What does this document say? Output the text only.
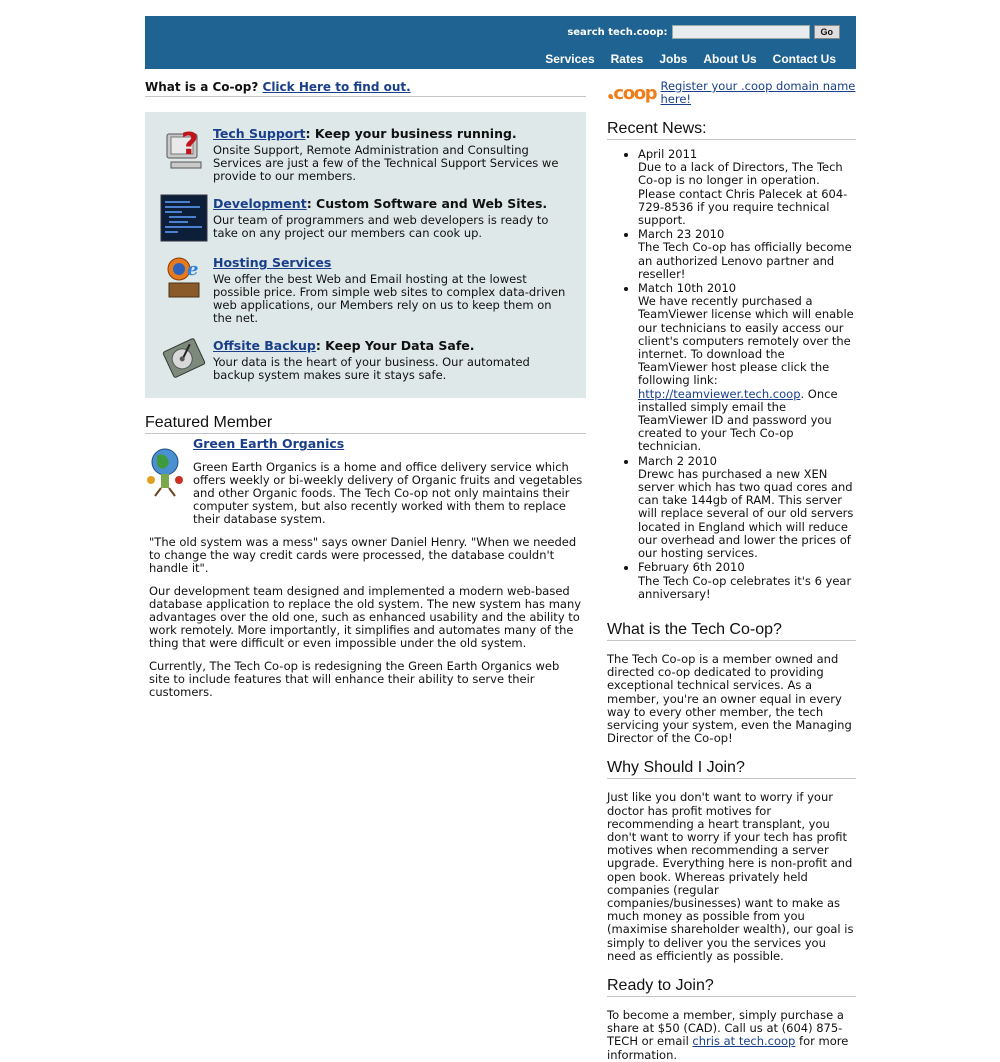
search tech.coop:	Go
Services Rates Jobs About Us Contact Us
What is a Co-op? Click Here to find out.
? Tech Support: Keep your business running.
Onsite Support, Remote Administration and Consulting Services are just a few of the Technical Support Services we provide to our members.
Development: Custom Software and Web Sites.
Our team of programmers and web developers is ready to take on any project our members can cook up.
e Hosting Services
We offer the best Web and Email hosting at the lowest possible price. From simple web sites to complex data-driven web applications, our Members rely on us to keep them on the net.
Offsite Backup: Keep Your Data Safe.
Your data is the heart of your business. Our automated backup system makes sure it stays safe.
Featured Member
Green Earth Organics
Green Earth Organics is a home and office delivery service which offers weekly or bi-weekly delivery of Organic fruits and vegetables and other Organic foods. The Tech Co-op not only maintains their computer system, but also recently worked with them to replace their database system.
"The old system was a mess" says owner Daniel Henry. "When we needed to change the way credit cards were processed, the database couldn't handle it".
Our development team designed and implemented a modern web-based database application to replace the old system. The new system has many advantages over the old one, such as enhanced usability and the ability to work remotely. More importantly, it simplifies and automates many of the thing that were difficult or even impossible under the old system.
Currently, The Tech Co-op is redesigning the Green Earth Organics web site to include features that will enhance their ability to serve their customers.
.coop Register your .coop domain name here!
Recent News:
• April 2011
Due to a lack of Directors, The Tech Co-op is no longer in operation. Please contact Chris Palecek at 604-729-8536 if you require technical support.
• March 23 2010
The Tech Co-op has officially become an authorized Lenovo partner and reseller!
• Match 10th 2010
We have recently purchased a TeamViewer license which will enable our technicians to easily access our client's computers remotely over the internet. To download the TeamViewer host please click the following link: http://teamviewer.tech.coop. Once installed simply email the TeamViewer ID and password you created to your Tech Co-op technician.
• March 2 2010
Drewc has purchased a new XEN server which has two quad cores and can take 144gb of RAM. This server will replace several of our old servers located in England which will reduce our overhead and lower the prices of our hosting services.
• February 6th 2010
The Tech Co-op celebrates it's 6 year anniversary!
What is the Tech Co-op?
The Tech Co-op is a member owned and directed co-op dedicated to providing exceptional technical services. As a member, you're an owner equal in every way to every other member, the tech servicing your system, even the Managing Director of the Co-op!
Why Should I Join?
Just like you don't want to worry if your doctor has profit motives for recommending a heart transplant, you don't want to worry if your tech has profit motives when recommending a server upgrade. Everything here is non-profit and open book. Whereas privately held companies (regular companies/businesses) want to make as much money as possible from you (maximise shareholder wealth), our goal is simply to deliver you the services you need as efficiently as possible.
Ready to Join?
To become a member, simply purchase a share at $50 (CAD). Call us at (604) 875-TECH or email chris at tech.coop for more information.
